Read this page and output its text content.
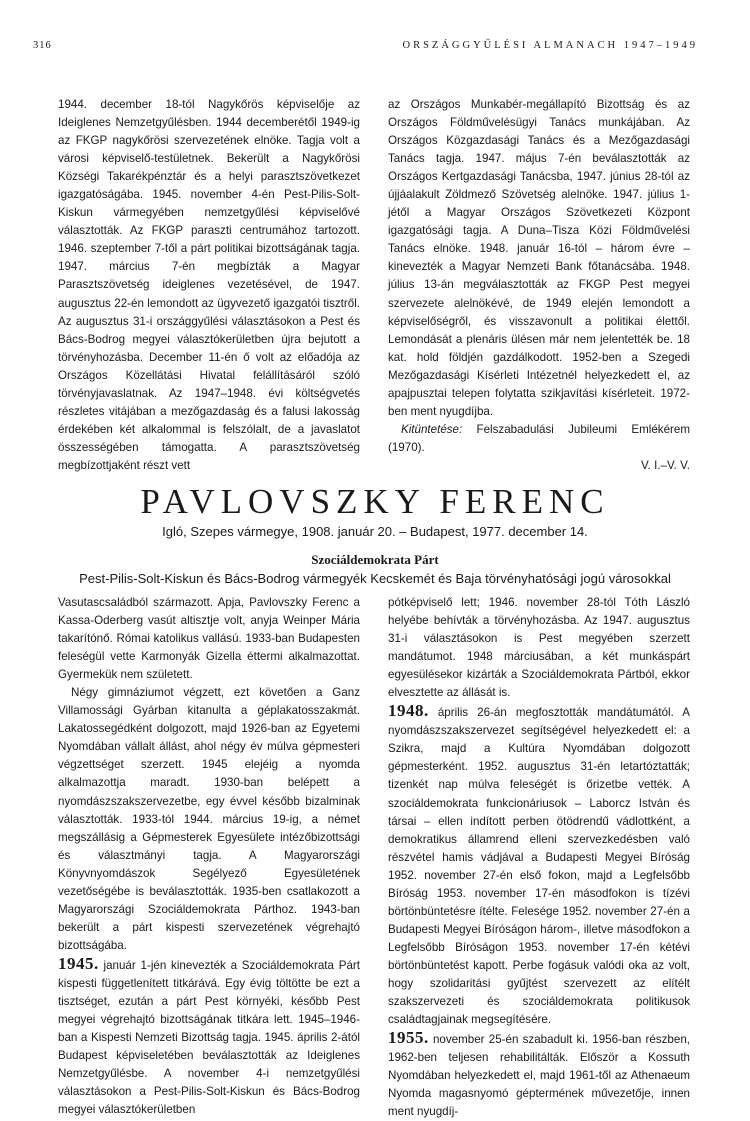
316	ORSZÁGGYŰLÉSI ALMANACH 1947–1949

1944. december 18-tól Nagykőrös képviselője az Ideiglenes Nemzetgyűlésben. 1944 decemberétől 1949-ig az FKGP nagykőrösi szervezetének elnöke. Tagja volt a városi képviselő-testületnek. Bekerült a Nagykőrösi Községi Takarékpénztár és a helyi parasztszövetkezet igazgatóságába. 1945. november 4-én Pest-Pilis-Solt-Kiskun vármegyében nemzetgyűlési képviselővé választották. Az FKGP paraszti centrumához tartozott. 1946. szeptember 7-től a párt politikai bizottságának tagja. 1947. március 7-én megbízták a Magyar Parasztszövetség ideiglenes vezetésével, de 1947. augusztus 22-én lemondott az ügyvezető igazgatói tisztről. Az augusztus 31-i országgyűlési választásokon a Pest és Bács-Bodrog megyei választókerületben újra bejutott a törvényhozásba. December 11-én ő volt az előadója az Országos Közellátási Hivatal felállításáról szóló törvényjavaslatnak. Az 1947–1948. évi költségvetés részletes vitájában a mezőgazdaság és a falusi lakosság érdekében két alkalommal is felszólalt, de a javaslatot összességében támogatta. A parasztszövetség megbízottjaként részt vett

az Országos Munkabér-megállapító Bizottság és az Országos Földművelésügyi Tanács munkájában. Az Országos Közgazdasági Tanács és a Mezőgazdasági Tanács tagja. 1947. május 7-én beválasztották az Országos Kertgazdasági Tanácsba, 1947. június 28-tól az újjáalakult Zöldmező Szövetség alelnöke. 1947. július 1-jétől a Magyar Országos Szövetkezeti Központ igazgatósági tagja. A Duna–Tisza Közi Földművelési Tanács elnöke. 1948. január 16-tól – három évre – kinevezték a Magyar Nemzeti Bank főtanácsába. 1948. július 13-án megválasztották az FKGP Pest megyei szervezete alelnökévé, de 1949 elején lemondott a képviselőségről, és visszavonult a politikai élettől. Lemondását a plenáris ülésen már nem jelentették be. 18 kat. hold földjén gazdálkodott. 1952-ben a Szegedi Mezőgazdasági Kísérleti Intézetnél helyezkedett el, az apajpusztai telepen folytatta szikjavítási kísérleteit. 1972-ben ment nyugdíjba.

Kitüntetése: Felszabadulási Jubileumi Emlékérem (1970).

V. I.–V. V.

PAVLOVSZKY FERENC
Igló, Szepes vármegye, 1908. január 20. – Budapest, 1977. december 14.
Szociáldemokrata Párt
Pest-Pilis-Solt-Kiskun és Bács-Bodrog vármegyék Kecskemét és Baja törvényhatósági jogú városokkal

Vasutascsaládból származott. Apja, Pavlovszky Ferenc a Kassa-Oderberg vasút altisztje volt, anyja Weinper Mária takarítónő. Római katolikus vallású. 1933-ban Budapesten feleségül vette Karmonyák Gizella éttermi alkalmazottat. Gyermekük nem született.

Négy gimnáziumot végzett, ezt követően a Ganz Villamossági Gyárban kitanulta a géplakatosszakmát. Lakatossegédként dolgozott, majd 1926-ban az Egyetemi Nyomdában vállalt állást, ahol négy év múlva gépmesteri végzettséget szerzett. 1945 elejéig a nyomda alkalmazottja maradt. 1930-ban belépett a nyomdászszakszervezetbe, egy évvel később bizalminak választották. 1933-tól 1944. március 19-ig, a német megszállásig a Gépmesterek Egyesülete intézőbizottsági és választmányi tagja. A Magyarországi Könyvnyomdászok Segélyező Egyesületének vezetőségébe is beválasztották. 1935-ben csatlakozott a Magyarországi Szociáldemokrata Párthoz. 1943-ban bekerült a párt kispesti szervezetének végrehajtó bizottságába.

1945. január 1-jén kinevezték a Szociáldemokrata Párt kispesti függetlenített titkárává. Egy évig töltötte be ezt a tisztséget, ezután a párt Pest környéki, később Pest megyei végrehajtó bizottságának titkára lett. 1945–1946-ban a Kispesti Nemzeti Bizottság tagja. 1945. április 2-ától Budapest képviseletében beválasztották az Ideiglenes Nemzetgyűlésbe. A november 4-i nemzetgyűlési választásokon a Pest-Pilis-Solt-Kiskun és Bács-Bodrog megyei választókerületben

pótképviselő lett; 1946. november 28-tól Tóth László helyébe behívták a törvényhozásba. Az 1947. augusztus 31-i választásokon is Pest megyében szerzett mandátumot. 1948 márciusában, a két munkáspárt egyesülésekor kizárták a Szociáldemokrata Pártból, ekkor elvesztette az állását is.

1948. április 26-án megfosztották mandátumától. A nyomdászszakszervezet segítségével helyezkedett el: a Szikra, majd a Kultúra Nyomdában dolgozott gépmesterként. 1952. augusztus 31-én letartóztatták; tizenkét nap múlva feleségét is őrizetbe vették. A szociáldemokrata funkcionáriusok – Laborcz István és társai – ellen indított perben ötödrendű vádlottként, a demokratikus államrend elleni szervezkedésben való részvétel hamis vádjával a Budapesti Megyei Bíróság 1952. november 27-én első fokon, majd a Legfelsőbb Bíróság 1953. november 17-én másodfokon is tízévi börtönbüntetésre ítélte. Felesége 1952. november 27-én a Budapesti Megyei Bíróságon három-, illetve másodfokon a Legfelsőbb Bíróságon 1953. november 17-én kétévi börtönbüntetést kapott. Perbe fogásuk valódi oka az volt, hogy szolidaritási gyűjtést szervezett az elítélt szakszervezeti és szociáldemokrata politikusok családtagjainak megsegítésére.

1955. november 25-én szabadult ki. 1956-ban részben, 1962-ben teljesen rehabilitálták. Először a Kossuth Nyomdában helyezkedett el, majd 1961-től az Athenaeum Nyomda magasnyomó géptermének művezetője, innen ment nyugdíj-
